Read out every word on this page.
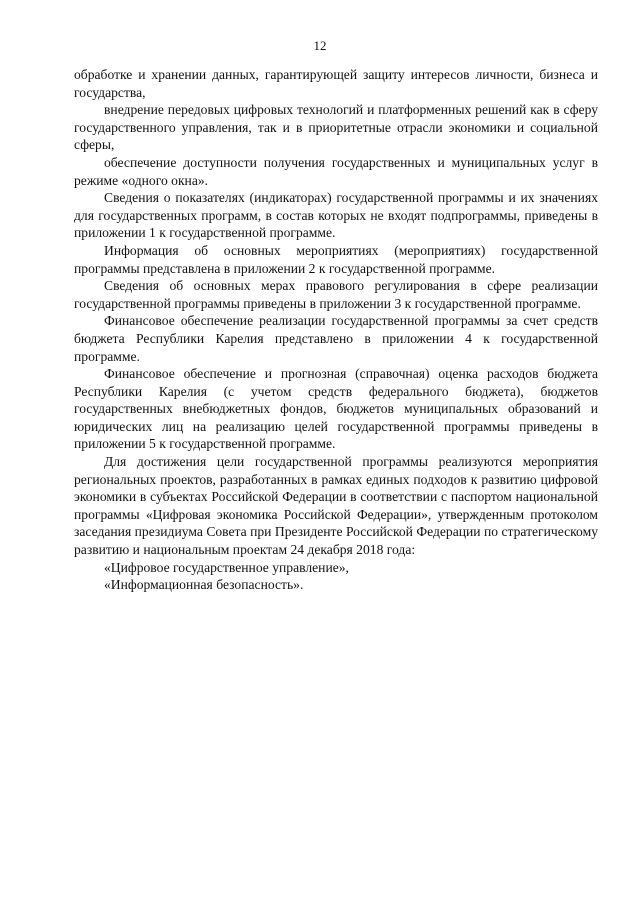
12

обработке и хранении данных, гарантирующей защиту интересов личности, бизнеса и государства,

внедрение передовых цифровых технологий и платформенных решений как в сферу государственного управления, так и в приоритетные отрасли экономики и социальной сферы,

обеспечение доступности получения государственных и муниципальных услуг в режиме «одного окна».

Сведения о показателях (индикаторах) государственной программы и их значениях для государственных программ, в состав которых не входят подпрограммы, приведены в приложении 1 к государственной программе.

Информация об основных мероприятиях (мероприятиях) государственной программы представлена в приложении 2 к государственной программе.

Сведения об основных мерах правового регулирования в сфере реализации государственной программы приведены в приложении 3 к государственной программе.

Финансовое обеспечение реализации государственной программы за счет средств бюджета Республики Карелия представлено в приложении 4 к государственной программе.

Финансовое обеспечение и прогнозная (справочная) оценка расходов бюджета Республики Карелия (с учетом средств федерального бюджета), бюджетов государственных внебюджетных фондов, бюджетов муниципальных образований и юридических лиц на реализацию целей государственной программы приведены в приложении 5 к государственной программе.

Для достижения цели государственной программы реализуются мероприятия региональных проектов, разработанных в рамках единых подходов к развитию цифровой экономики в субъектах Российской Федерации в соответствии с паспортом национальной программы «Цифровая экономика Российской Федерации», утвержденным протоколом заседания президиума Совета при Президенте Российской Федерации по стратегическому развитию и национальным проектам 24 декабря 2018 года:

«Цифровое государственное управление»,

«Информационная безопасность».
